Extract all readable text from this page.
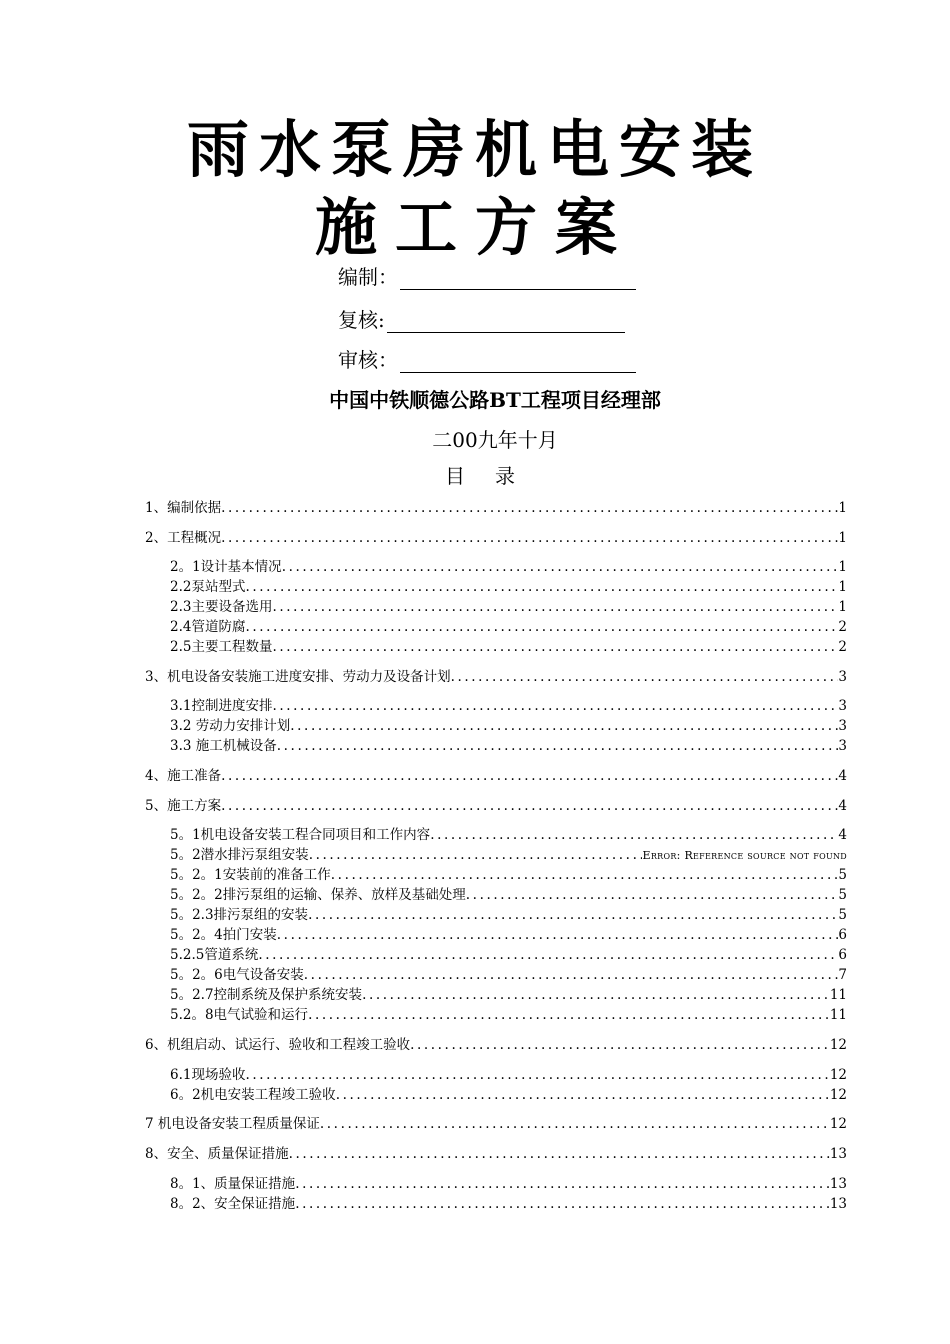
雨水泵房机电安装
施工方案
编制：
复核:
审核：
中国中铁顺德公路BT工程项目经理部
二00九年十月
目录
1、编制依据 .....	1
2、工程概况 .....	1
2。1设计基本情况 .....	1
2.2泵站型式 .....	1
2.3主要设备选用 .....	1
2.4管道防腐 .....	2
2.5主要工程数量 .....	2
3、机电设备安装施工进度安排、劳动力及设备计划 .....	3
3.1控制进度安排 .....	3
3.2 劳动力安排计划 .....	3
3.3 施工机械设备 .....	3
4、施工准备 .....	4
5、施工方案 .....	4
5。1机电设备安装工程合同项目和工作内容 .....	4
5。2潜水排污泵组安装 .....	Error: Reference source not found
5。2。1安装前的准备工作 .....	5
5。2。2排污泵组的运输、保养、放样及基础处理 .....	5
5。2.3排污泵组的安装 .....	5
5。2。4拍门安装 .....	6
5.2.5管道系统 .....	6
5。2。6电气设备安装 .....	7
5。2.7控制系统及保护系统安装 .....	11
5.2。8电气试验和运行 .....	11
6、机组启动、试运行、验收和工程竣工验收 .....	12
6.1现场验收 .....	12
6。2机电安装工程竣工验收 .....	12
7 机电设备安装工程质量保证 .....	12
8、安全、质量保证措施 .....	13
8。1、质量保证措施 .....	13
8。2、安全保证措施 .....	13
